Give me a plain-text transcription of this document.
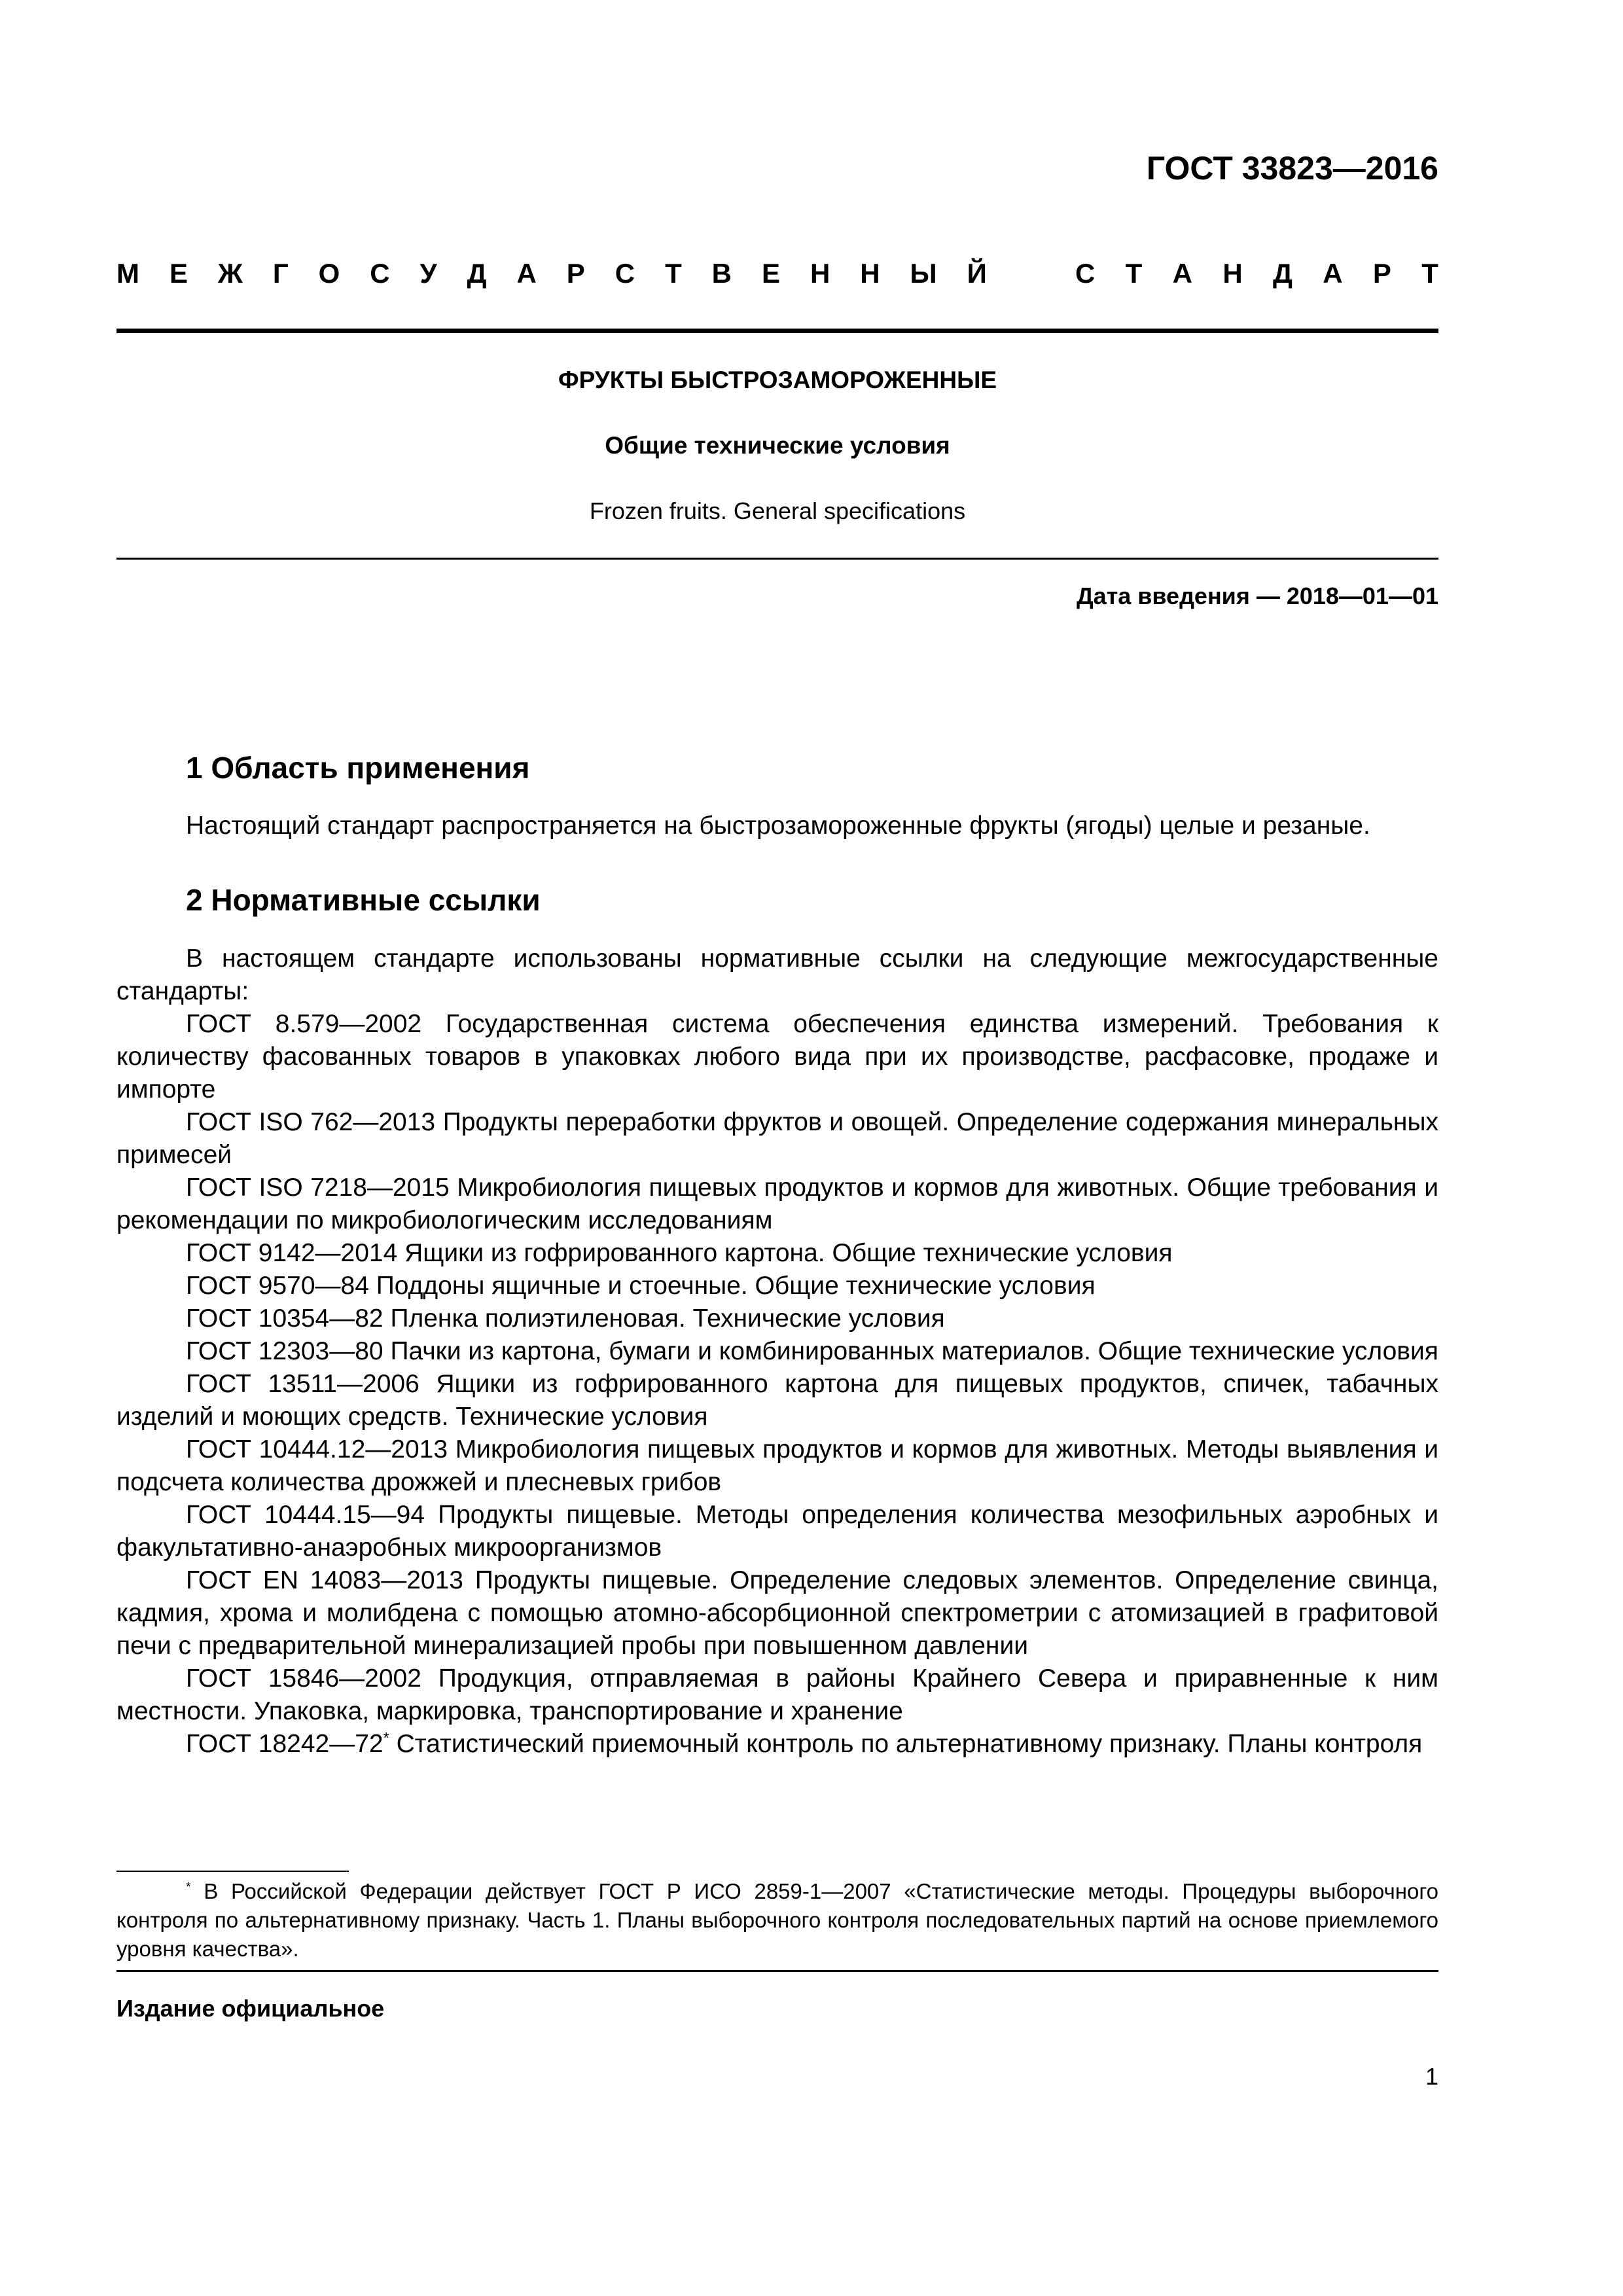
ГОСТ 33823—2016
М Е Ж Г О С У Д А Р С Т В Е Н Н Ы Й	С Т А Н Д А Р Т
ФРУКТЫ БЫСТРОЗАМОРОЖЕННЫЕ
Общие технические условия
Frozen fruits. General specifications
Дата введения — 2018—01—01
1 Область применения
Настоящий стандарт распространяется на быстрозамороженные фрукты (ягоды) целые и резаные.
2 Нормативные ссылки

В настоящем стандарте использованы нормативные ссылки на следующие межгосударственные стандарты:

ГОСТ 8.579—2002 Государственная система обеспечения единства измерений. Требования к количеству фасованных товаров в упаковках любого вида при их производстве, расфасовке, продаже и импорте

ГОСТ ISO 762—2013 Продукты переработки фруктов и овощей. Определение содержания минеральных примесей

ГОСТ ISO 7218—2015 Микробиология пищевых продуктов и кормов для животных. Общие требования и рекомендации по микробиологическим исследованиям

ГОСТ 9142—2014 Ящики из гофрированного картона. Общие технические условия

ГОСТ 9570—84 Поддоны ящичные и стоечные. Общие технические условия

ГОСТ 10354—82 Пленка полиэтиленовая. Технические условия

ГОСТ 12303—80 Пачки из картона, бумаги и комбинированных материалов. Общие технические условия

ГОСТ 13511—2006 Ящики из гофрированного картона для пищевых продуктов, спичек, табачных изделий и моющих средств. Технические условия

ГОСТ 10444.12—2013 Микробиология пищевых продуктов и кормов для животных. Методы выявления и подсчета количества дрожжей и плесневых грибов

ГОСТ 10444.15—94 Продукты пищевые. Методы определения количества мезофильных аэробных и факультативно-анаэробных микроорганизмов

ГОСТ EN 14083—2013 Продукты пищевые. Определение следовых элементов. Определение свинца, кадмия, хрома и молибдена с помощью атомно-абсорбционной спектрометрии с атомизацией в графитовой печи с предварительной минерализацией пробы при повышенном давлении

ГОСТ 15846—2002 Продукция, отправляемая в районы Крайнего Севера и приравненные к ним местности. Упаковка, маркировка, транспортирование и хранение

ГОСТ 18242—72* Статистический приемочный контроль по альтернативному признаку. Планы контроля

* В Российской Федерации действует ГОСТ Р ИСО 2859-1—2007 «Статистические методы. Процедуры выборочного контроля по альтернативному признаку. Часть 1. Планы выборочного контроля последовательных партий на основе приемлемого уровня качества».
Издание официальное
1
